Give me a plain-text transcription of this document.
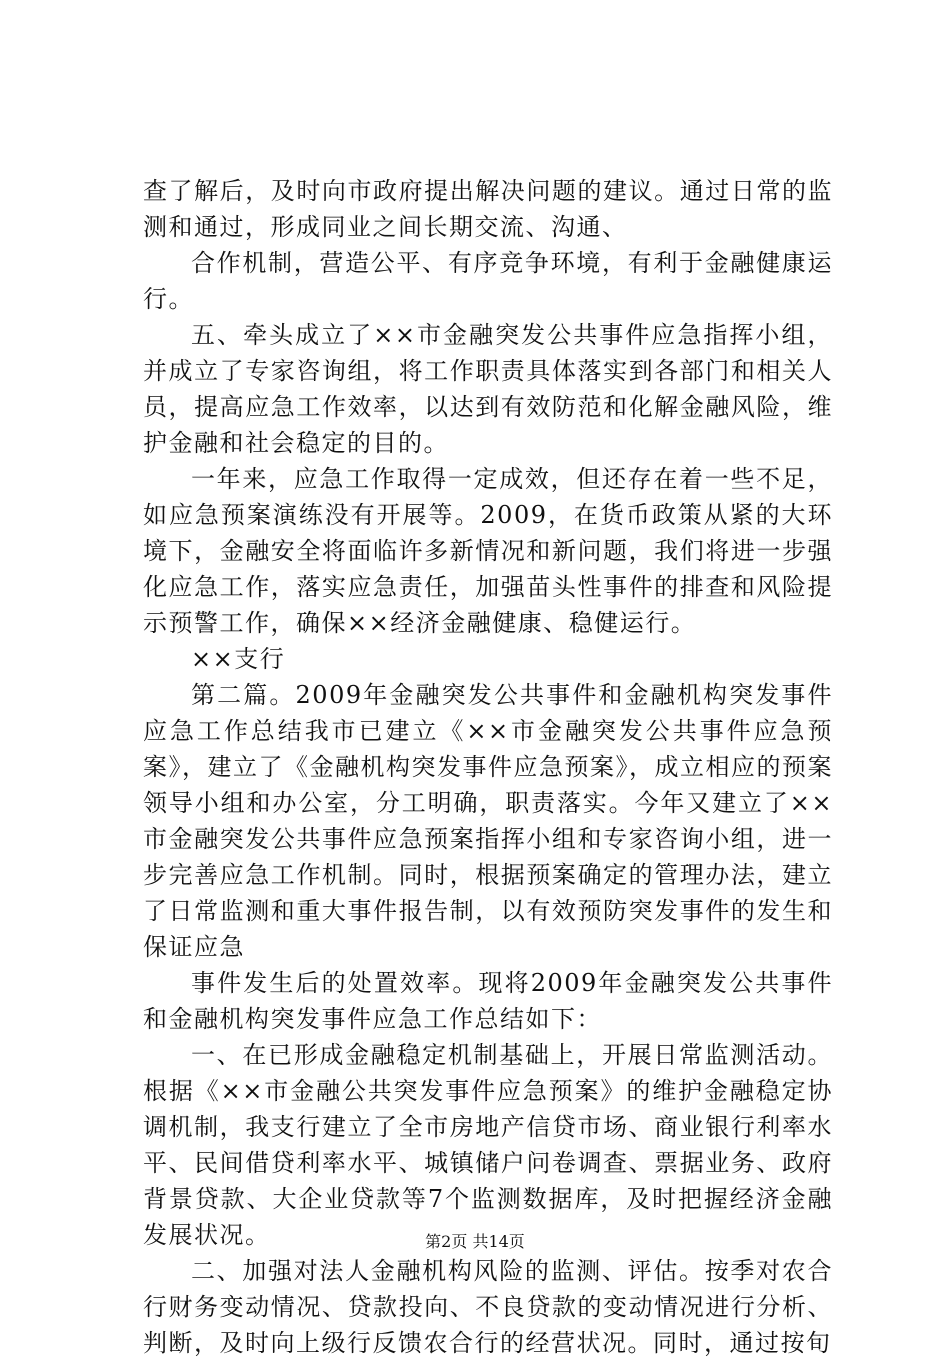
查了解后，及时向市政府提出解决问题的建议。通过日常的监测和通过，形成同业之间长期交流、沟通、

合作机制，营造公平、有序竞争环境，有利于金融健康运行。

五、牵头成立了××市金融突发公共事件应急指挥小组，并成立了专家咨询组，将工作职责具体落实到各部门和相关人员，提高应急工作效率，以达到有效防范和化解金融风险，维护金融和社会稳定的目的。

一年来，应急工作取得一定成效，但还存在着一些不足，如应急预案演练没有开展等。2009，在货币政策从紧的大环境下，金融安全将面临许多新情况和新问题，我们将进一步强化应急工作，落实应急责任，加强苗头性事件的排查和风险提示预警工作，确保××经济金融健康、稳健运行。

××支行

第二篇。2009年金融突发公共事件和金融机构突发事件应急工作总结我市已建立《××市金融突发公共事件应急预案》，建立了《金融机构突发事件应急预案》，成立相应的预案领导小组和办公室，分工明确，职责落实。今年又建立了××市金融突发公共事件应急预案指挥小组和专家咨询小组，进一步完善应急工作机制。同时，根据预案确定的管理办法，建立了日常监测和重大事件报告制，以有效预防突发事件的发生和保证应急

事件发生后的处置效率。现将2009年金融突发公共事件和金融机构突发事件应急工作总结如下：

一、在已形成金融稳定机制基础上，开展日常监测活动。根据《××市金融公共突发事件应急预案》的维护金融稳定协调机制，我支行建立了全市房地产信贷市场、商业银行利率水平、民间借贷利率水平、城镇储户问卷调查、票据业务、政府背景贷款、大企业贷款等7个监测数据库，及时把握经济金融发展状况。

二、加强对法人金融机构风险的监测、评估。按季对农合行财务变动情况、贷款投向、不良贷款的变动情况进行分析、判断，及时向上级行反馈农合行的经营状况。同时，通过按旬

第2页 共14页
